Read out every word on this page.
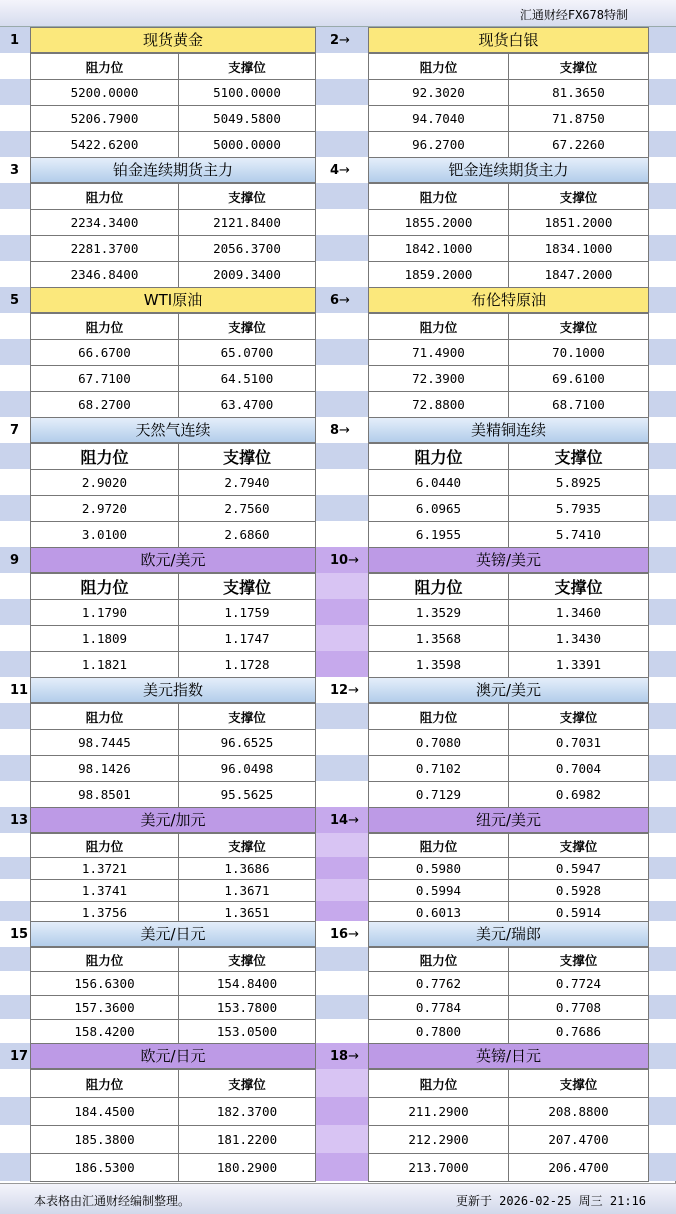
汇通财经FX678特制
1	现货黄金
阻力位	支撑位
5200.0000	5100.0000
5206.7900	5049.5800
5422.6200	5000.0000
2→	现货白银
阻力位	支撑位
92.3020	81.3650
94.7040	71.8750
96.2700	67.2260
3	铂金连续期货主力
阻力位	支撑位
2234.3400	2121.8400
2281.3700	2056.3700
2346.8400	2009.3400
4→	钯金连续期货主力
阻力位	支撑位
1855.2000	1851.2000
1842.1000	1834.1000
1859.2000	1847.2000
5	WTI原油
阻力位	支撑位
66.6700	65.0700
67.7100	64.5100
68.2700	63.4700
6→	布伦特原油
阻力位	支撑位
71.4900	70.1000
72.3900	69.6100
72.8800	68.7100
7	天然气连续
阻力位	支撑位
2.9020	2.7940
2.9720	2.7560
3.0100	2.6860
8→	美精铜连续
阻力位	支撑位
6.0440	5.8925
6.0965	5.7935
6.1955	5.7410
9	欧元/美元
阻力位	支撑位
1.1790	1.1759
1.1809	1.1747
1.1821	1.1728
10→	英镑/美元
阻力位	支撑位
1.3529	1.3460
1.3568	1.3430
1.3598	1.3391
11	美元指数
阻力位	支撑位
98.7445	96.6525
98.1426	96.0498
98.8501	95.5625
12→	澳元/美元
阻力位	支撑位
0.7080	0.7031
0.7102	0.7004
0.7129	0.6982
13	美元/加元
阻力位	支撑位
1.3721	1.3686
1.3741	1.3671
1.3756	1.3651
14→	纽元/美元
阻力位	支撑位
0.5980	0.5947
0.5994	0.5928
0.6013	0.5914
15	美元/日元
阻力位	支撑位
156.6300	154.8400
157.3600	153.7800
158.4200	153.0500
16→	美元/瑞郎
阻力位	支撑位
0.7762	0.7724
0.7784	0.7708
0.7800	0.7686
17	欧元/日元
阻力位	支撑位
184.4500	182.3700
185.3800	181.2200
186.5300	180.2900
18→	英镑/日元
阻力位	支撑位
211.2900	208.8800
212.2900	207.4700
213.7000	206.4700
本表格由汇通财经编制整理。	更新于 2026-02-25 周三 21:16
